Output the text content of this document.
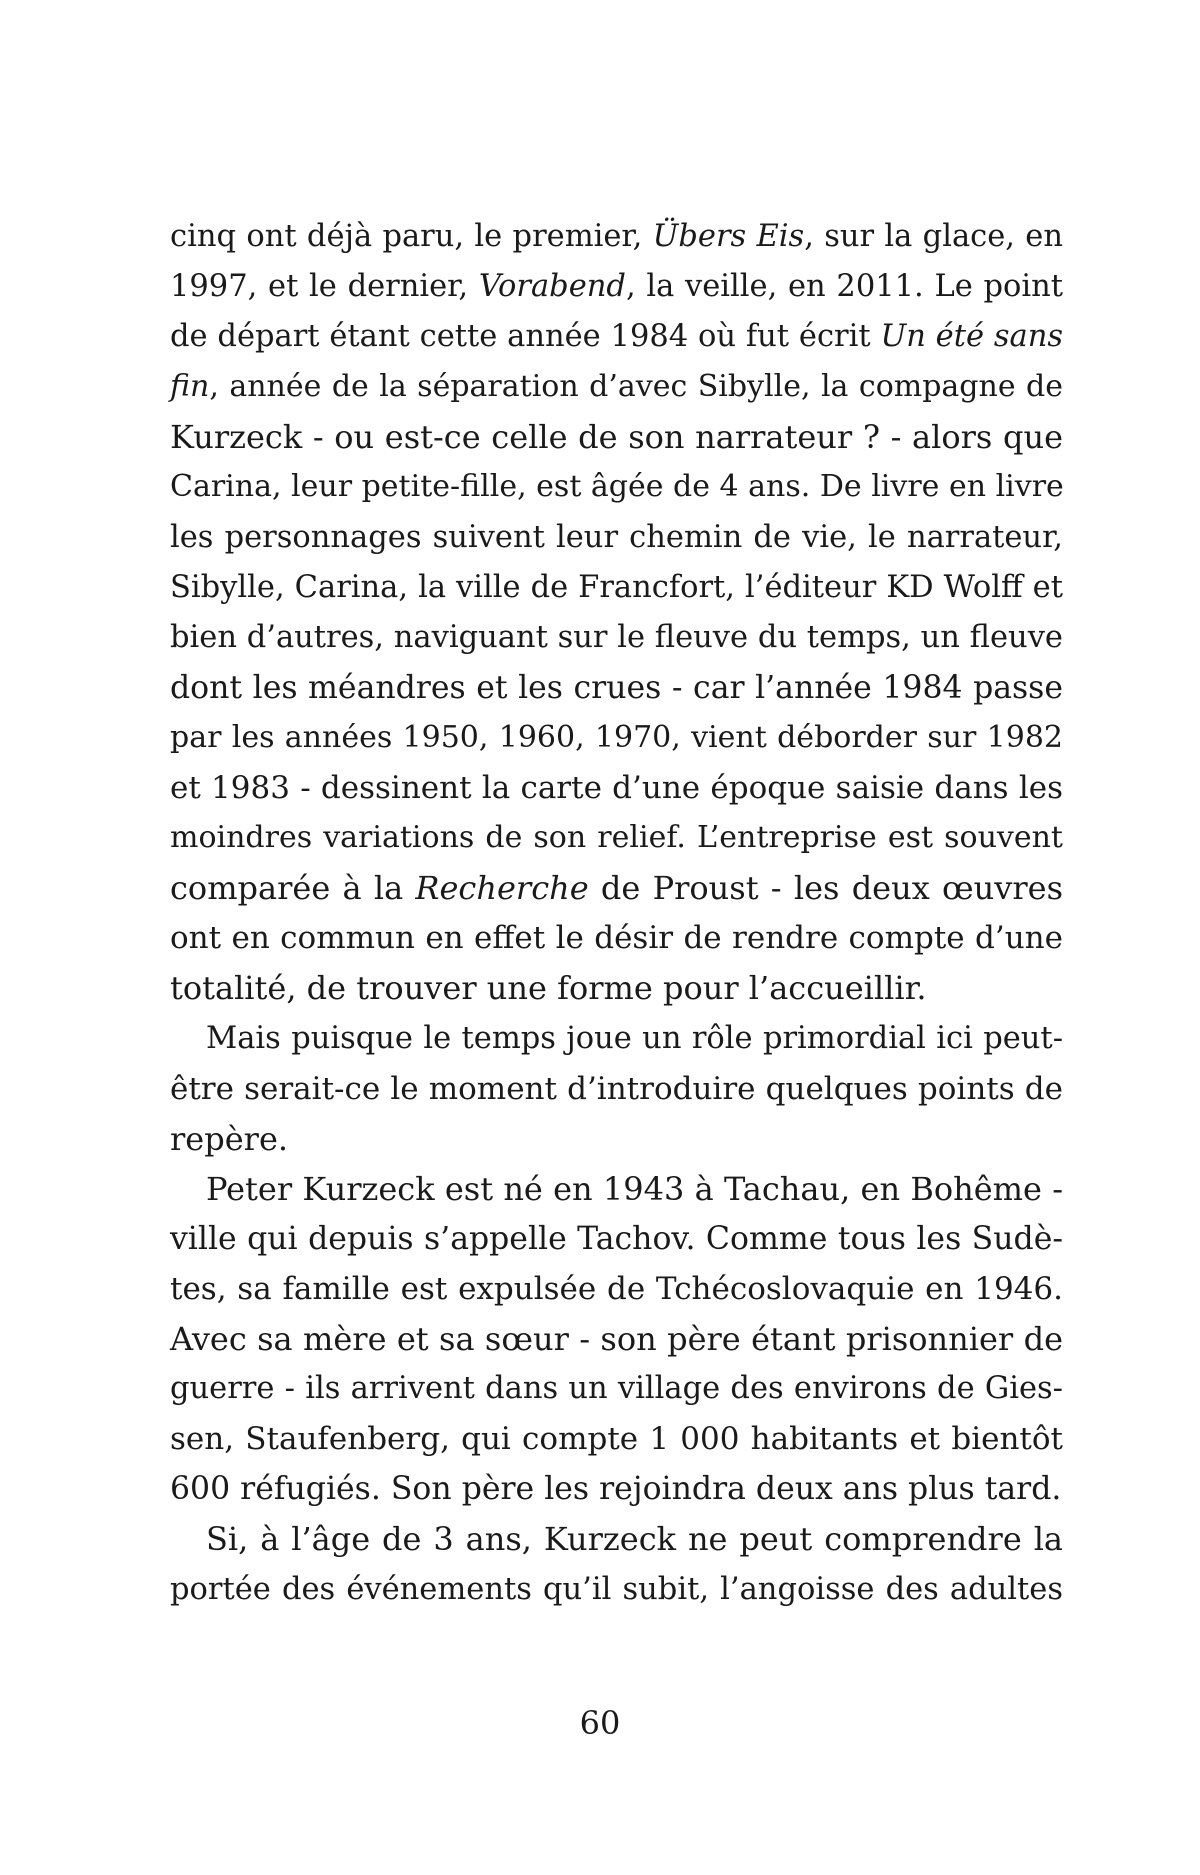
cinq ont déjà paru, le premier, Übers Eis, sur la glace, en
1997, et le dernier, Vorabend, la veille, en 2011. Le point
de départ étant cette année 1984 où fut écrit Un été sans
fin, année de la séparation d’avec Sibylle, la compagne de
Kurzeck - ou est-ce celle de son narrateur ? - alors que
Carina, leur petite-fille, est âgée de 4 ans. De livre en livre
les personnages suivent leur chemin de vie, le narrateur,
Sibylle, Carina, la ville de Francfort, l’éditeur KD Wolff et
bien d’autres, naviguant sur le fleuve du temps, un fleuve
dont les méandres et les crues - car l’année 1984 passe
par les années 1950, 1960, 1970, vient déborder sur 1982
et 1983 - dessinent la carte d’une époque saisie dans les
moindres variations de son relief. L’entreprise est souvent
comparée à la Recherche de Proust - les deux œuvres
ont en commun en effet le désir de rendre compte d’une
totalité, de trouver une forme pour l’accueillir.
Mais puisque le temps joue un rôle primordial ici peut-
être serait-ce le moment d’introduire quelques points de
repère.
Peter Kurzeck est né en 1943 à Tachau, en Bohême -
ville qui depuis s’appelle Tachov. Comme tous les Sudè-
tes, sa famille est expulsée de Tchécoslovaquie en 1946.
Avec sa mère et sa sœur - son père étant prisonnier de
guerre - ils arrivent dans un village des environs de Gies-
sen, Staufenberg, qui compte 1 000 habitants et bientôt
600 réfugiés. Son père les rejoindra deux ans plus tard.
Si, à l’âge de 3 ans, Kurzeck ne peut comprendre la
portée des événements qu’il subit, l’angoisse des adultes
60
